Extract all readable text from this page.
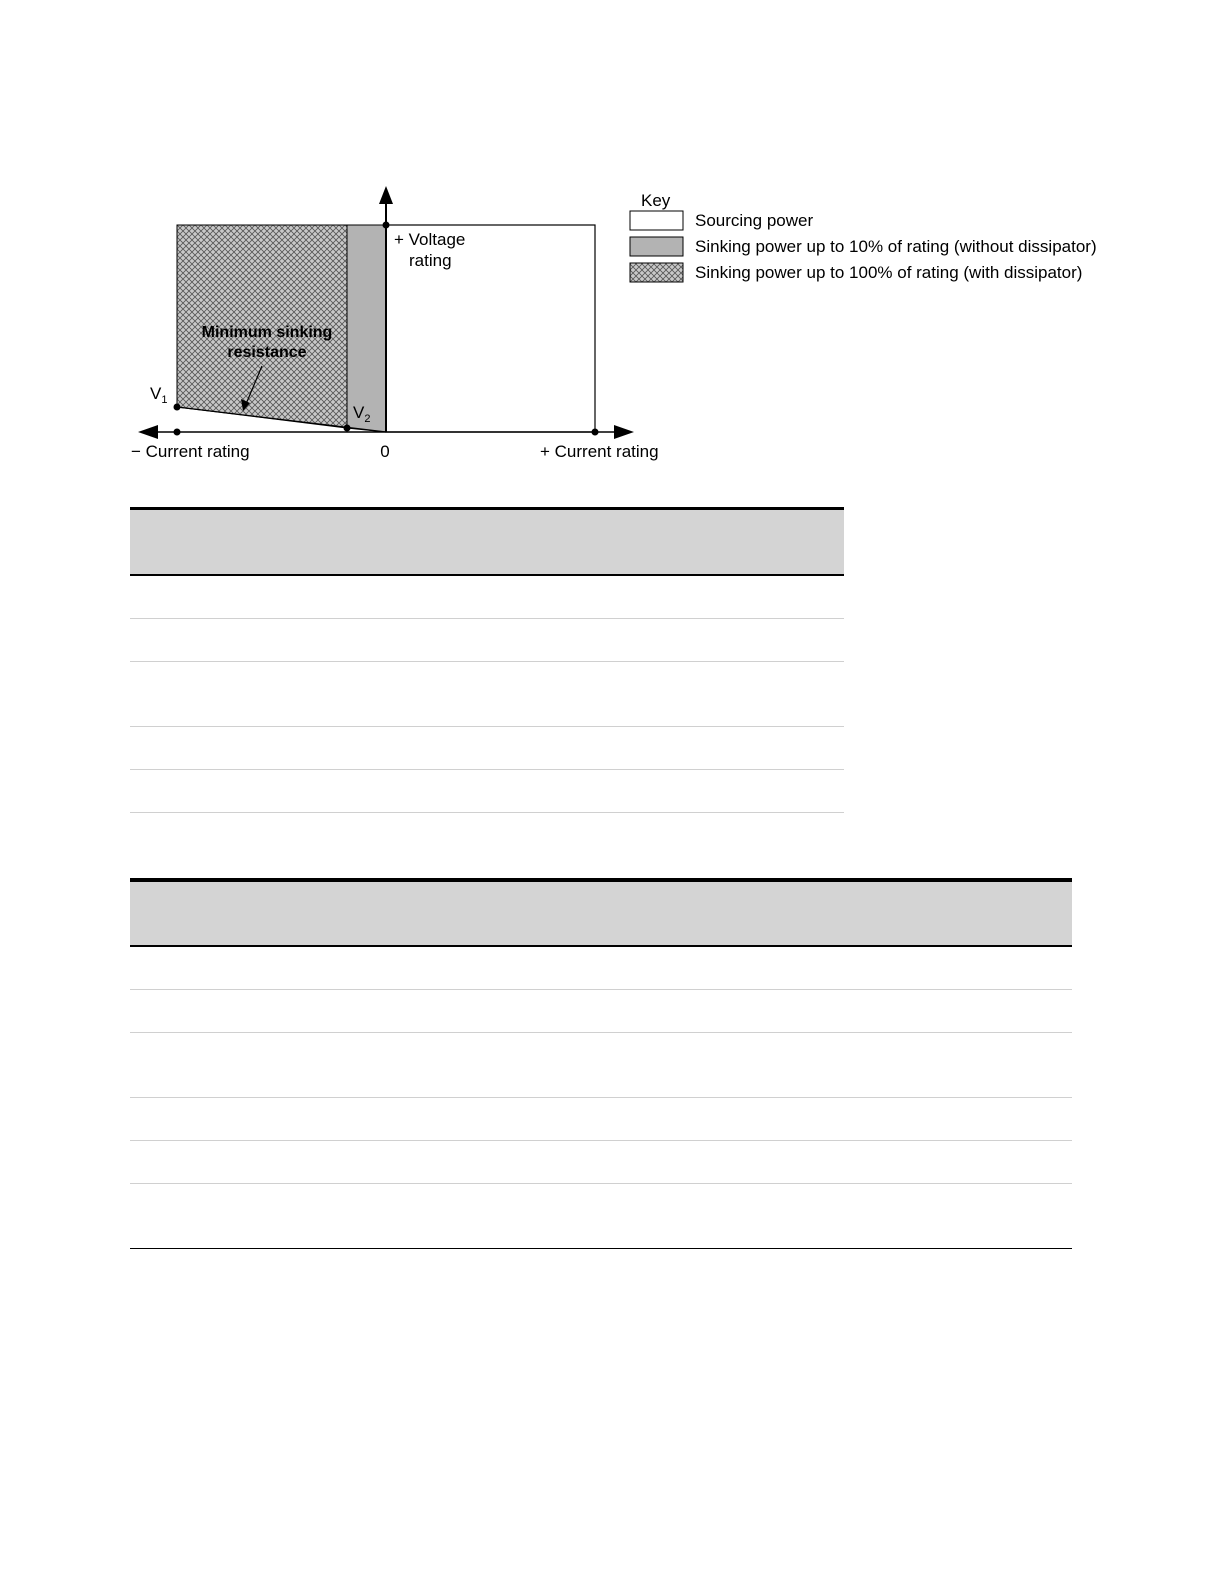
+ Voltage
rating
Minimum sinking
resistance
$V_1$
$V_2$
− Current rating	0	+ Current rating
Key
Sourcing power
Sinking power up to 10% of rating (without dissipator)
Sinking power up to 100% of rating (with dissipator)
